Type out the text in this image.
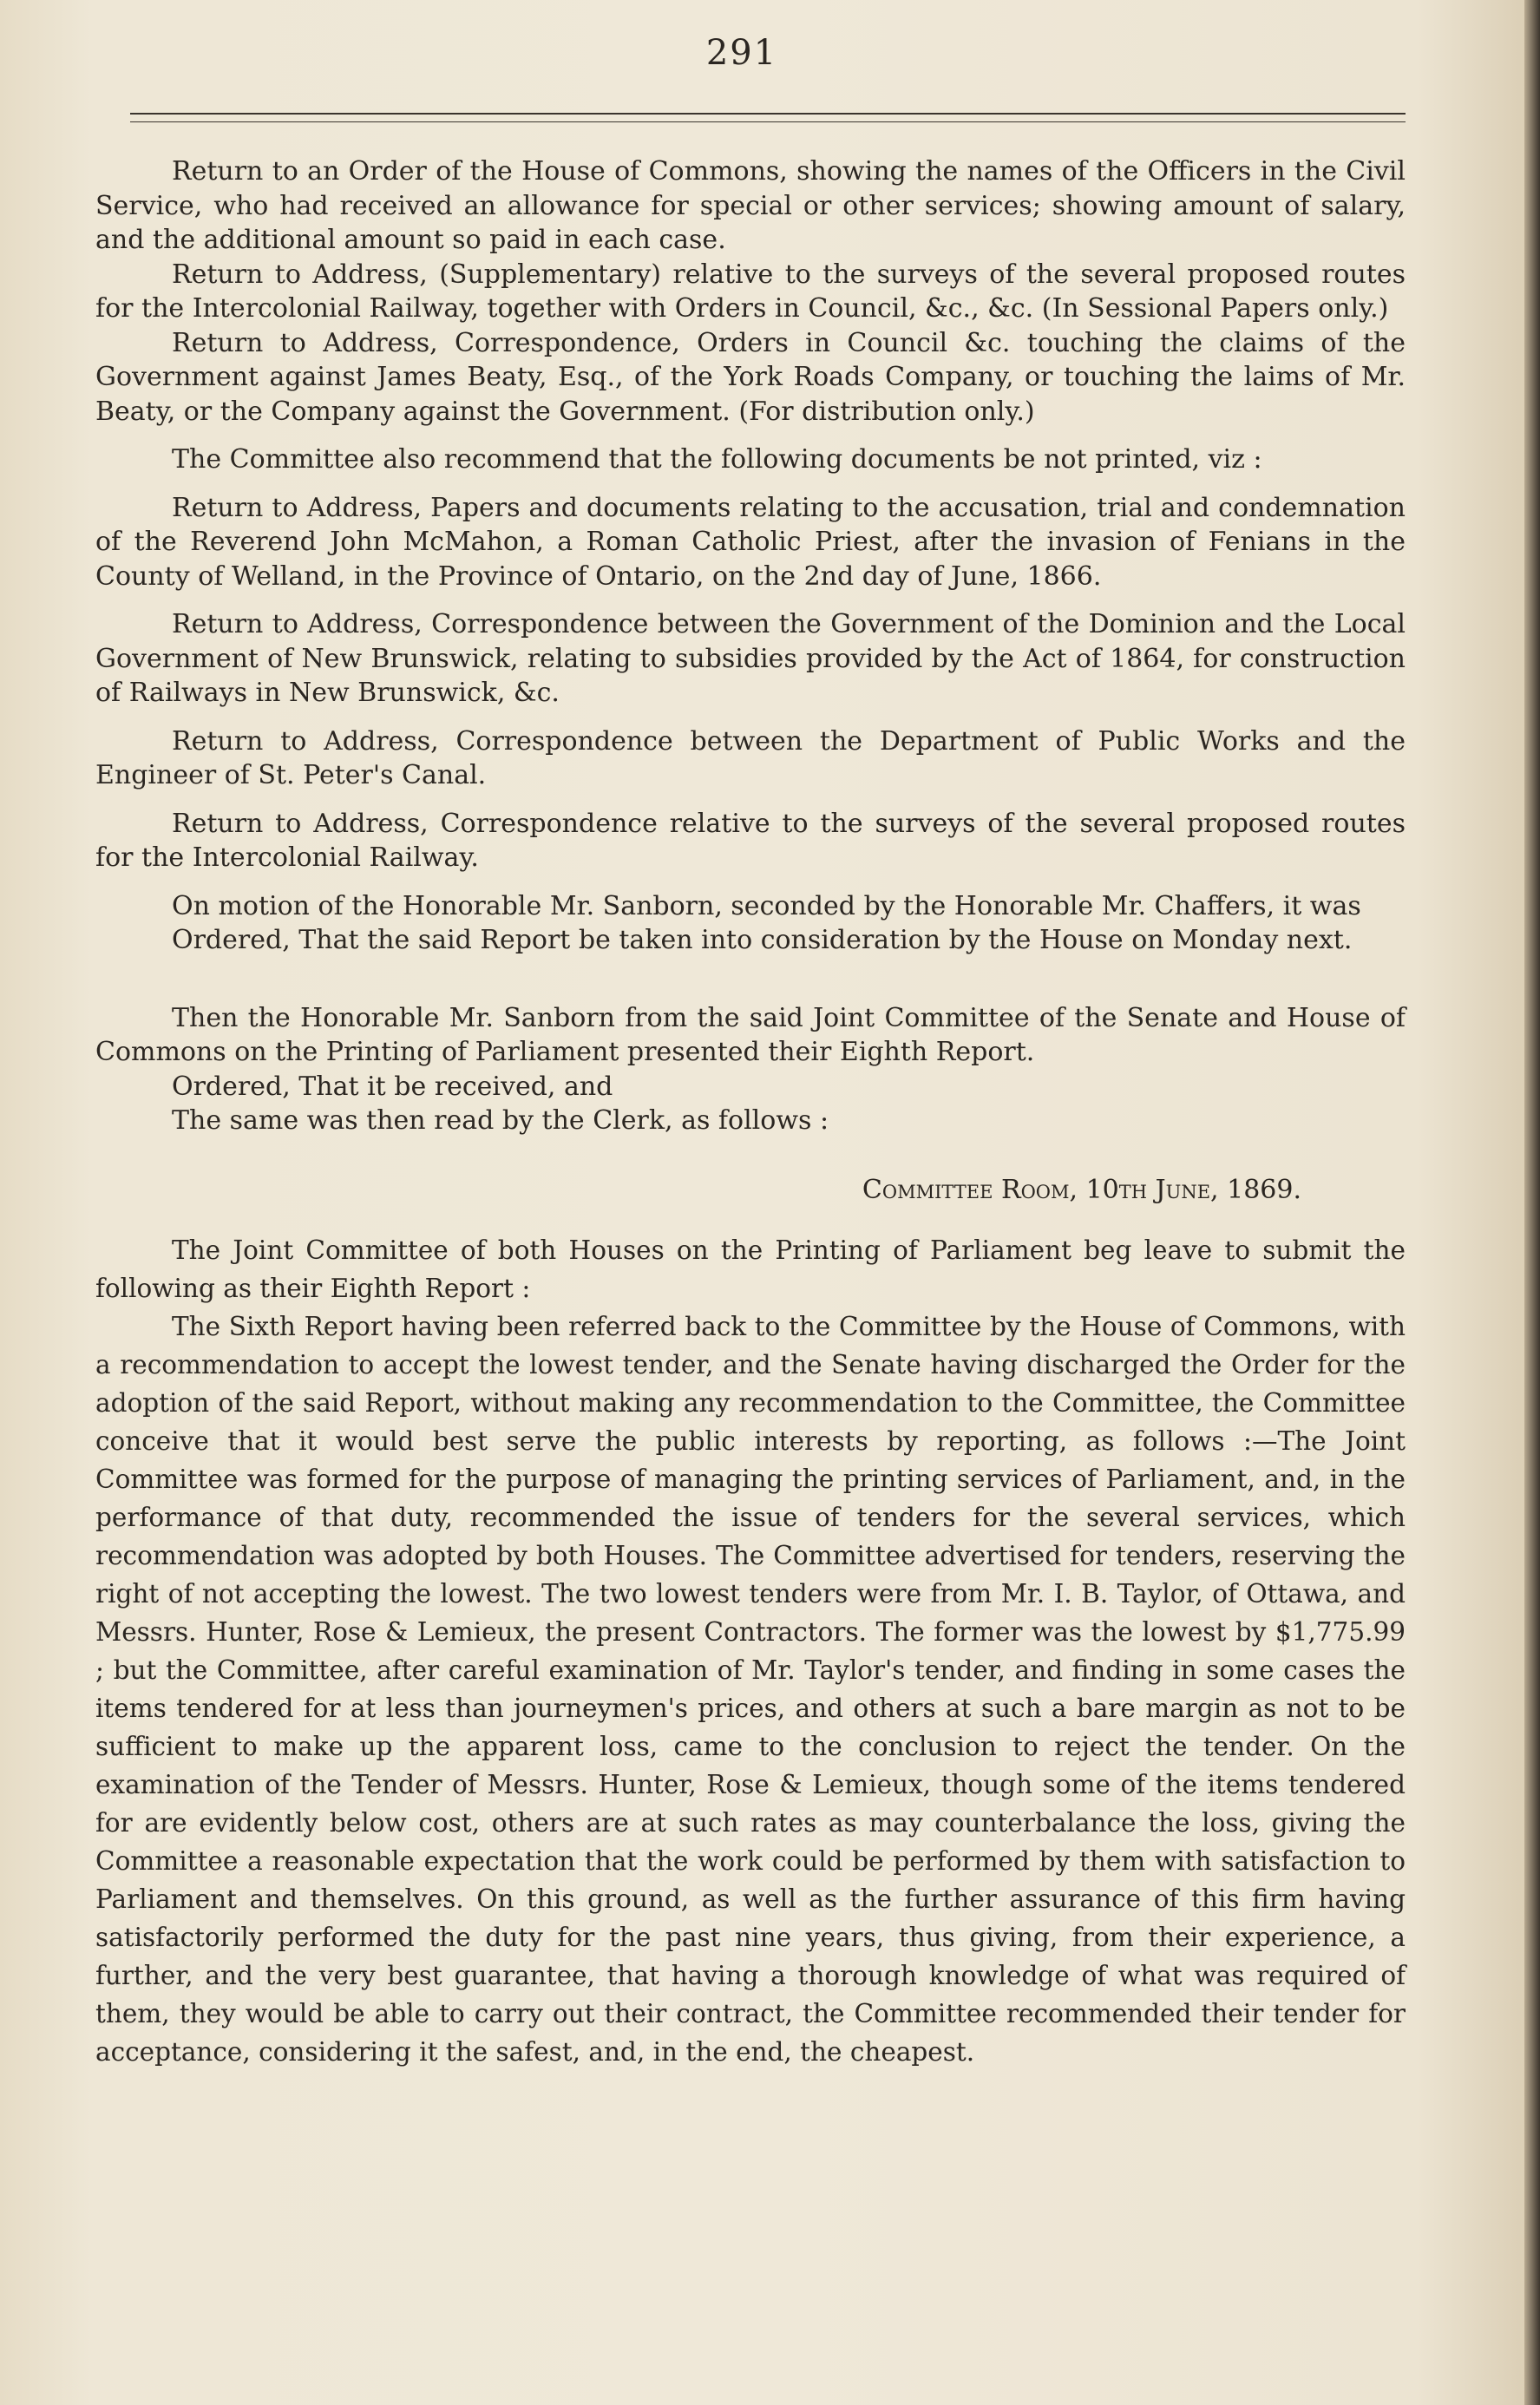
291

Return to an Order of the House of Commons, showing the names of the Officers in the Civil Service, who had received an allowance for special or other services; showing amount of salary, and the additional amount so paid in each case.

Return to Address, (Supplementary) relative to the surveys of the several proposed routes for the Intercolonial Railway, together with Orders in Council, &c., &c. (In Sessional Papers only.)

Return to Address, Correspondence, Orders in Council &c. touching the claims of the Government against James Beaty, Esq., of the York Roads Company, or touching the laims of Mr. Beaty, or the Company against the Government. (For distribution only.)

The Committee also recommend that the following documents be not printed, viz :

Return to Address, Papers and documents relating to the accusation, trial and condemnation of the Reverend John McMahon, a Roman Catholic Priest, after the invasion of Fenians in the County of Welland, in the Province of Ontario, on the 2nd day of June, 1866.

Return to Address, Correspondence between the Government of the Dominion and the Local Government of New Brunswick, relating to subsidies provided by the Act of 1864, for construction of Railways in New Brunswick, &c.

Return to Address, Correspondence between the Department of Public Works and the Engineer of St. Peter's Canal.

Return to Address, Correspondence relative to the surveys of the several proposed routes for the Intercolonial Railway.

On motion of the Honorable Mr. Sanborn, seconded by the Honorable Mr. Chaffers, it was

Ordered, That the said Report be taken into consideration by the House on Monday next.

Then the Honorable Mr. Sanborn from the said Joint Committee of the Senate and House of Commons on the Printing of Parliament presented their Eighth Report.

Ordered, That it be received, and

The same was then read by the Clerk, as follows :

Committee Room, 10th June, 1869.

The Joint Committee of both Houses on the Printing of Parliament beg leave to submit the following as their Eighth Report :

The Sixth Report having been referred back to the Committee by the House of Commons, with a recommendation to accept the lowest tender, and the Senate having discharged the Order for the adoption of the said Report, without making any recommendation to the Committee, the Committee conceive that it would best serve the public interests by reporting, as follows :—The Joint Committee was formed for the purpose of managing the printing services of Parliament, and, in the performance of that duty, recommended the issue of tenders for the several services, which recommendation was adopted by both Houses. The Committee advertised for tenders, reserving the right of not accepting the lowest. The two lowest tenders were from Mr. I. B. Taylor, of Ottawa, and Messrs. Hunter, Rose & Lemieux, the present Contractors. The former was the lowest by $1,775.99 ; but the Committee, after careful examination of Mr. Taylor's tender, and finding in some cases the items tendered for at less than journeymen's prices, and others at such a bare margin as not to be sufficient to make up the apparent loss, came to the conclusion to reject the tender. On the examination of the Tender of Messrs. Hunter, Rose & Lemieux, though some of the items tendered for are evidently below cost, others are at such rates as may counterbalance the loss, giving the Committee a reasonable expectation that the work could be performed by them with satisfaction to Parliament and themselves. On this ground, as well as the further assurance of this firm having satisfactorily performed the duty for the past nine years, thus giving, from their experience, a further, and the very best guarantee, that having a thorough knowledge of what was required of them, they would be able to carry out their contract, the Committee recommended their tender for acceptance, considering it the safest, and, in the end, the cheapest.
